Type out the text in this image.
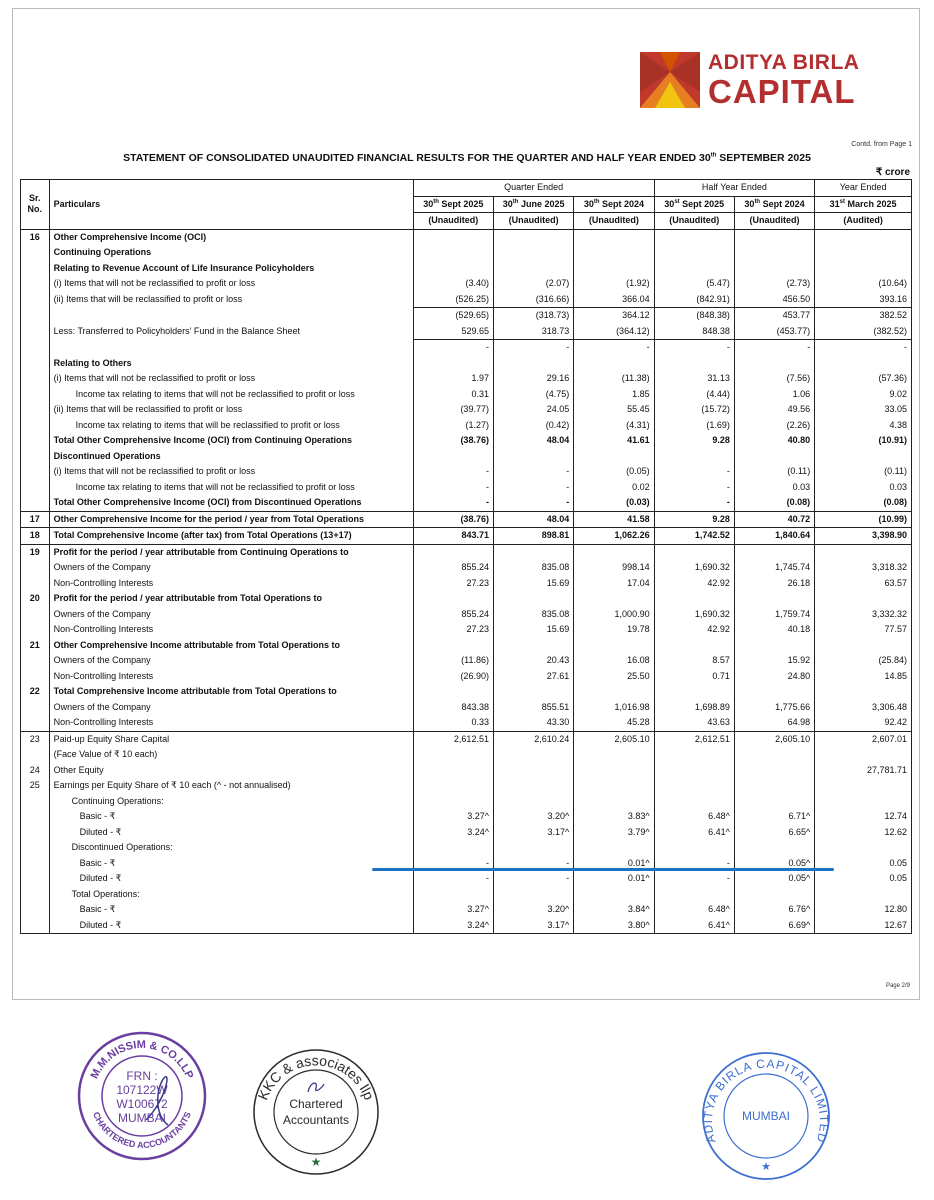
ADITYA BIRLA
CAPITAL
Contd. from Page 1
STATEMENT OF CONSOLIDATED UNAUDITED FINANCIAL RESULTS FOR THE QUARTER AND HALF YEAR ENDED 30th SEPTEMBER 2025
₹ crore
Sr. No.	Particulars	Quarter Ended			Half Year Ended		Year Ended
		30th Sept 2025	30th June 2025	30th Sept 2024	30st Sept 2025	30th Sept 2024	31st March 2025
		(Unaudited)	(Unaudited)	(Unaudited)	(Unaudited)	(Unaudited)	(Audited)
16	Other Comprehensive Income (OCI)						
	Continuing Operations						
	Relating to Revenue Account of Life Insurance Policyholders						
	(i) Items that will not be reclassified to profit or loss	(3.40)	(2.07)	(1.92)	(5.47)	(2.73)	(10.64)
	(ii) Items that will be reclassified to profit or loss	(526.25)	(316.66)	366.04	(842.91)	456.50	393.16
		(529.65)	(318.73)	364.12	(848.38)	453.77	382.52
	Less: Transferred to Policyholders' Fund in the Balance Sheet	529.65	318.73	(364.12)	848.38	(453.77)	(382.52)
		-	-	-	-	-	-
	Relating to Others						
	(i) Items that will not be reclassified to profit or loss	1.97	29.16	(11.38)	31.13	(7.56)	(57.36)
	Income tax relating to items that will not be reclassified to profit or loss	0.31	(4.75)	1.85	(4.44)	1.06	9.02
	(ii) Items that will be reclassified to profit or loss	(39.77)	24.05	55.45	(15.72)	49.56	33.05
	Income tax relating to items that will be reclassified to profit or loss	(1.27)	(0.42)	(4.31)	(1.69)	(2.26)	4.38
	Total Other Comprehensive Income (OCI) from Continuing Operations	(38.76)	48.04	41.61	9.28	40.80	(10.91)
	Discontinued Operations						
	(i) Items that will not be reclassified to profit or loss	-	-	(0.05)	-	(0.11)	(0.11)
	Income tax relating to items that will not be reclassified to profit or loss	-	-	0.02	-	0.03	0.03
	Total Other Comprehensive Income (OCI) from Discontinued Operations	-	-	(0.03)	-	(0.08)	(0.08)
17	Other Comprehensive Income for the period / year from Total Operations	(38.76)	48.04	41.58	9.28	40.72	(10.99)
18	Total Comprehensive Income (after tax) from Total Operations (13+17)	843.71	898.81	1,062.26	1,742.52	1,840.64	3,398.90
19	Profit for the period / year attributable from Continuing Operations to						
	Owners of the Company	855.24	835.08	998.14	1,690.32	1,745.74	3,318.32
	Non-Controlling Interests	27.23	15.69	17.04	42.92	26.18	63.57
20	Profit for the period / year attributable from Total Operations to						
	Owners of the Company	855.24	835.08	1,000.90	1,690.32	1,759.74	3,332.32
	Non-Controlling Interests	27.23	15.69	19.78	42.92	40.18	77.57
21	Other Comprehensive Income attributable from Total Operations to						
	Owners of the Company	(11.86)	20.43	16.08	8.57	15.92	(25.84)
	Non-Controlling Interests	(26.90)	27.61	25.50	0.71	24.80	14.85
22	Total Comprehensive Income attributable from Total Operations to						
	Owners of the Company	843.38	855.51	1,016.98	1,698.89	1,775.66	3,306.48
	Non-Controlling Interests	0.33	43.30	45.28	43.63	64.98	92.42
23	Paid-up Equity Share Capital	2,612.51	2,610.24	2,605.10	2,612.51	2,605.10	2,607.01
	(Face Value of ₹ 10 each)						
24	Other Equity						27,781.71
25	Earnings per Equity Share of ₹ 10 each (^ - not annualised)						
	Continuing Operations:						
	Basic - ₹	3.27^	3.20^	3.83^	6.48^	6.71^	12.74
	Diluted - ₹	3.24^	3.17^	3.79^	6.41^	6.65^	12.62
	Discontinued Operations:						
	Basic - ₹	-	-	0.01^	-	0.05^	0.05
	Diluted - ₹	-	-	0.01^	-	0.05^	0.05
	Total Operations:						
	Basic - ₹	3.27^	3.20^	3.84^	6.48^	6.76^	12.80
	Diluted - ₹	3.24^	3.17^	3.80^	6.41^	6.69^	12.67
Page 2/9
M.M.NISSIM & CO.LLP
CHARTERED ACCOUNTANTS
FRN :
107122W
W100672
MUMBAI
KKC & associates llp
Chartered
Accountants
★
ADITYA BIRLA CAPITAL LIMITED
MUMBAI
★
